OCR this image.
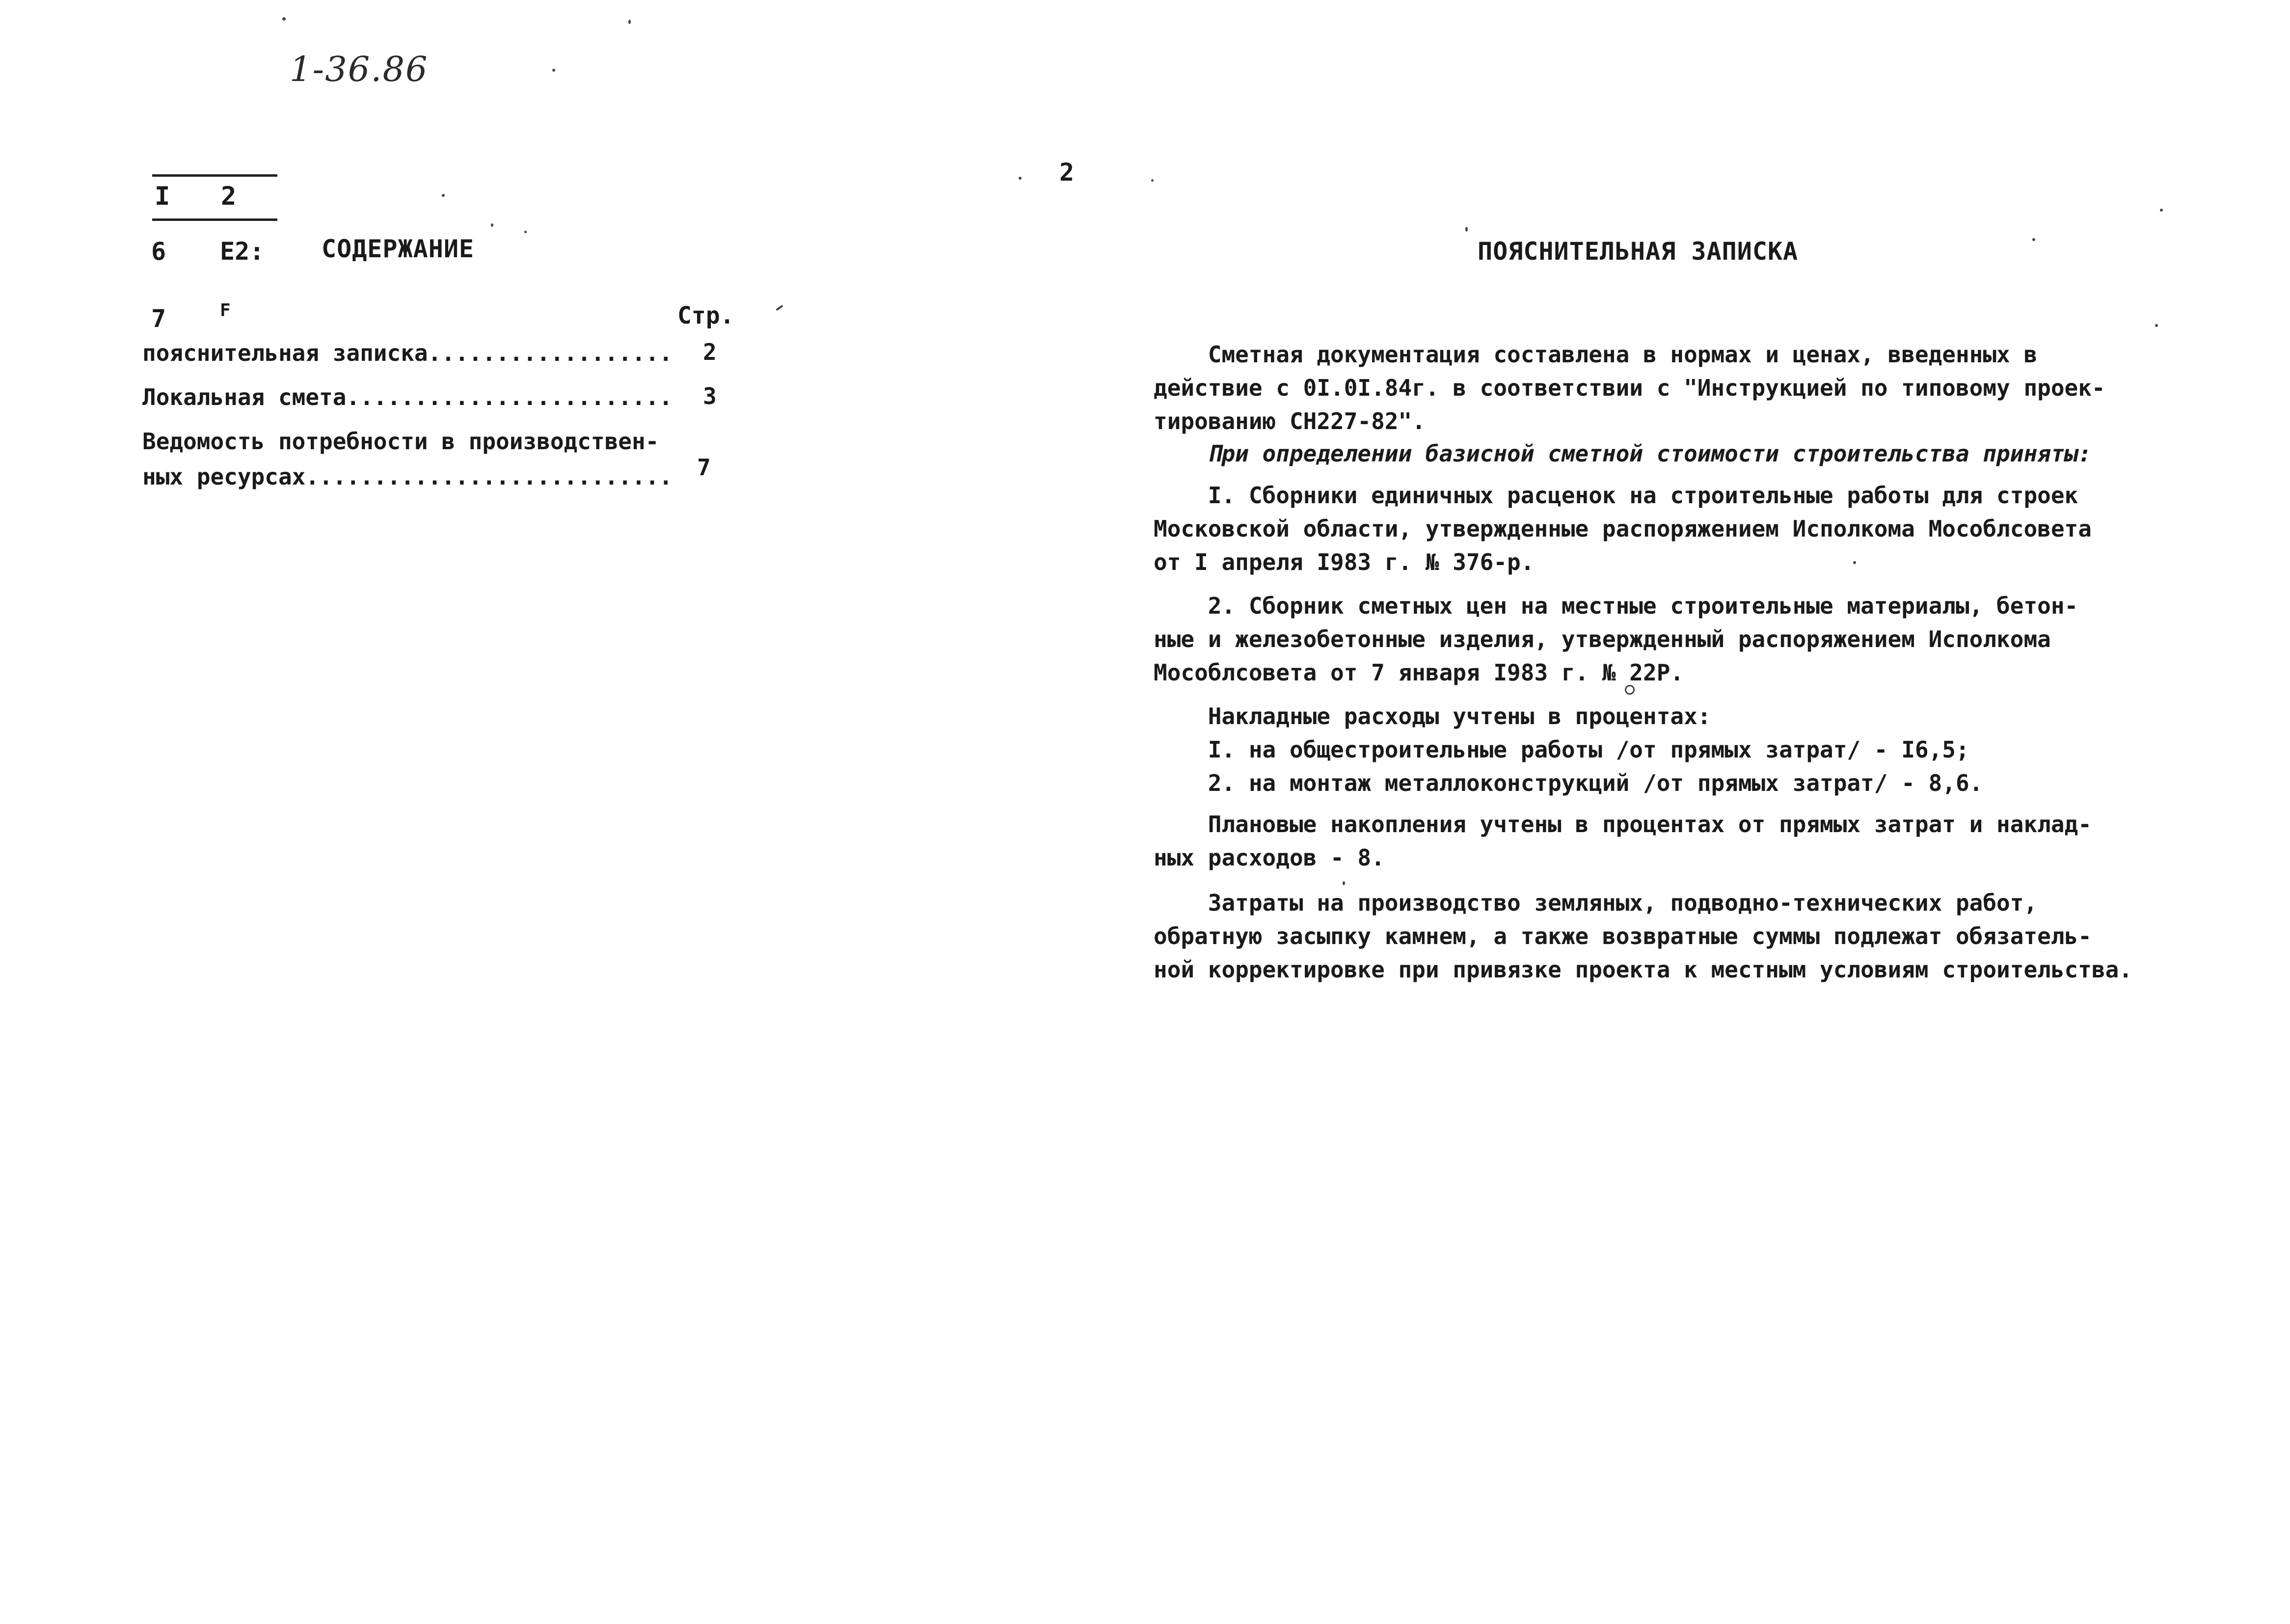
1-36.86
I 2
6 E2:
7	F
СОДЕРЖАНИЕ
Стр.
пояснительная записка..................	2
Локальная смета........................	3
Ведомость потребности в производствен-
ных ресурсах...........................	7
2
ПОЯСНИТЕЛЬНАЯ ЗАПИСКА
Сметная документация составлена в нормах и ценах, введенных в
действие с 0I.0I.84г. в соответствии с "Инструкцией по типовому проек-
тированию СН227-82".
При определении базисной сметной стоимости строительства приняты:
I. Сборники единичных расценок на строительные работы для строек
Московской области, утвержденные распоряжением Исполкома Мособлсовета
от I апреля I983 г. № 376-р.
2. Сборник сметных цен на местные строительные материалы, бетон-
ные и железобетонные изделия, утвержденный распоряжением Исполкома
Мособлсовета от 7 января I983 г. № 22Р.
Накладные расходы учтены в процентах:
I. на общестроительные работы /от прямых затрат/ - I6,5;
2. на монтаж металлоконструкций /от прямых затрат/ - 8,6.
Плановые накопления учтены в процентах от прямых затрат и наклад-
ных расходов - 8.
Затраты на производство земляных, подводно-технических работ,
обратную засыпку камнем, а также возвратные суммы подлежат обязатель-
ной корректировке при привязке проекта к местным условиям строительства.
